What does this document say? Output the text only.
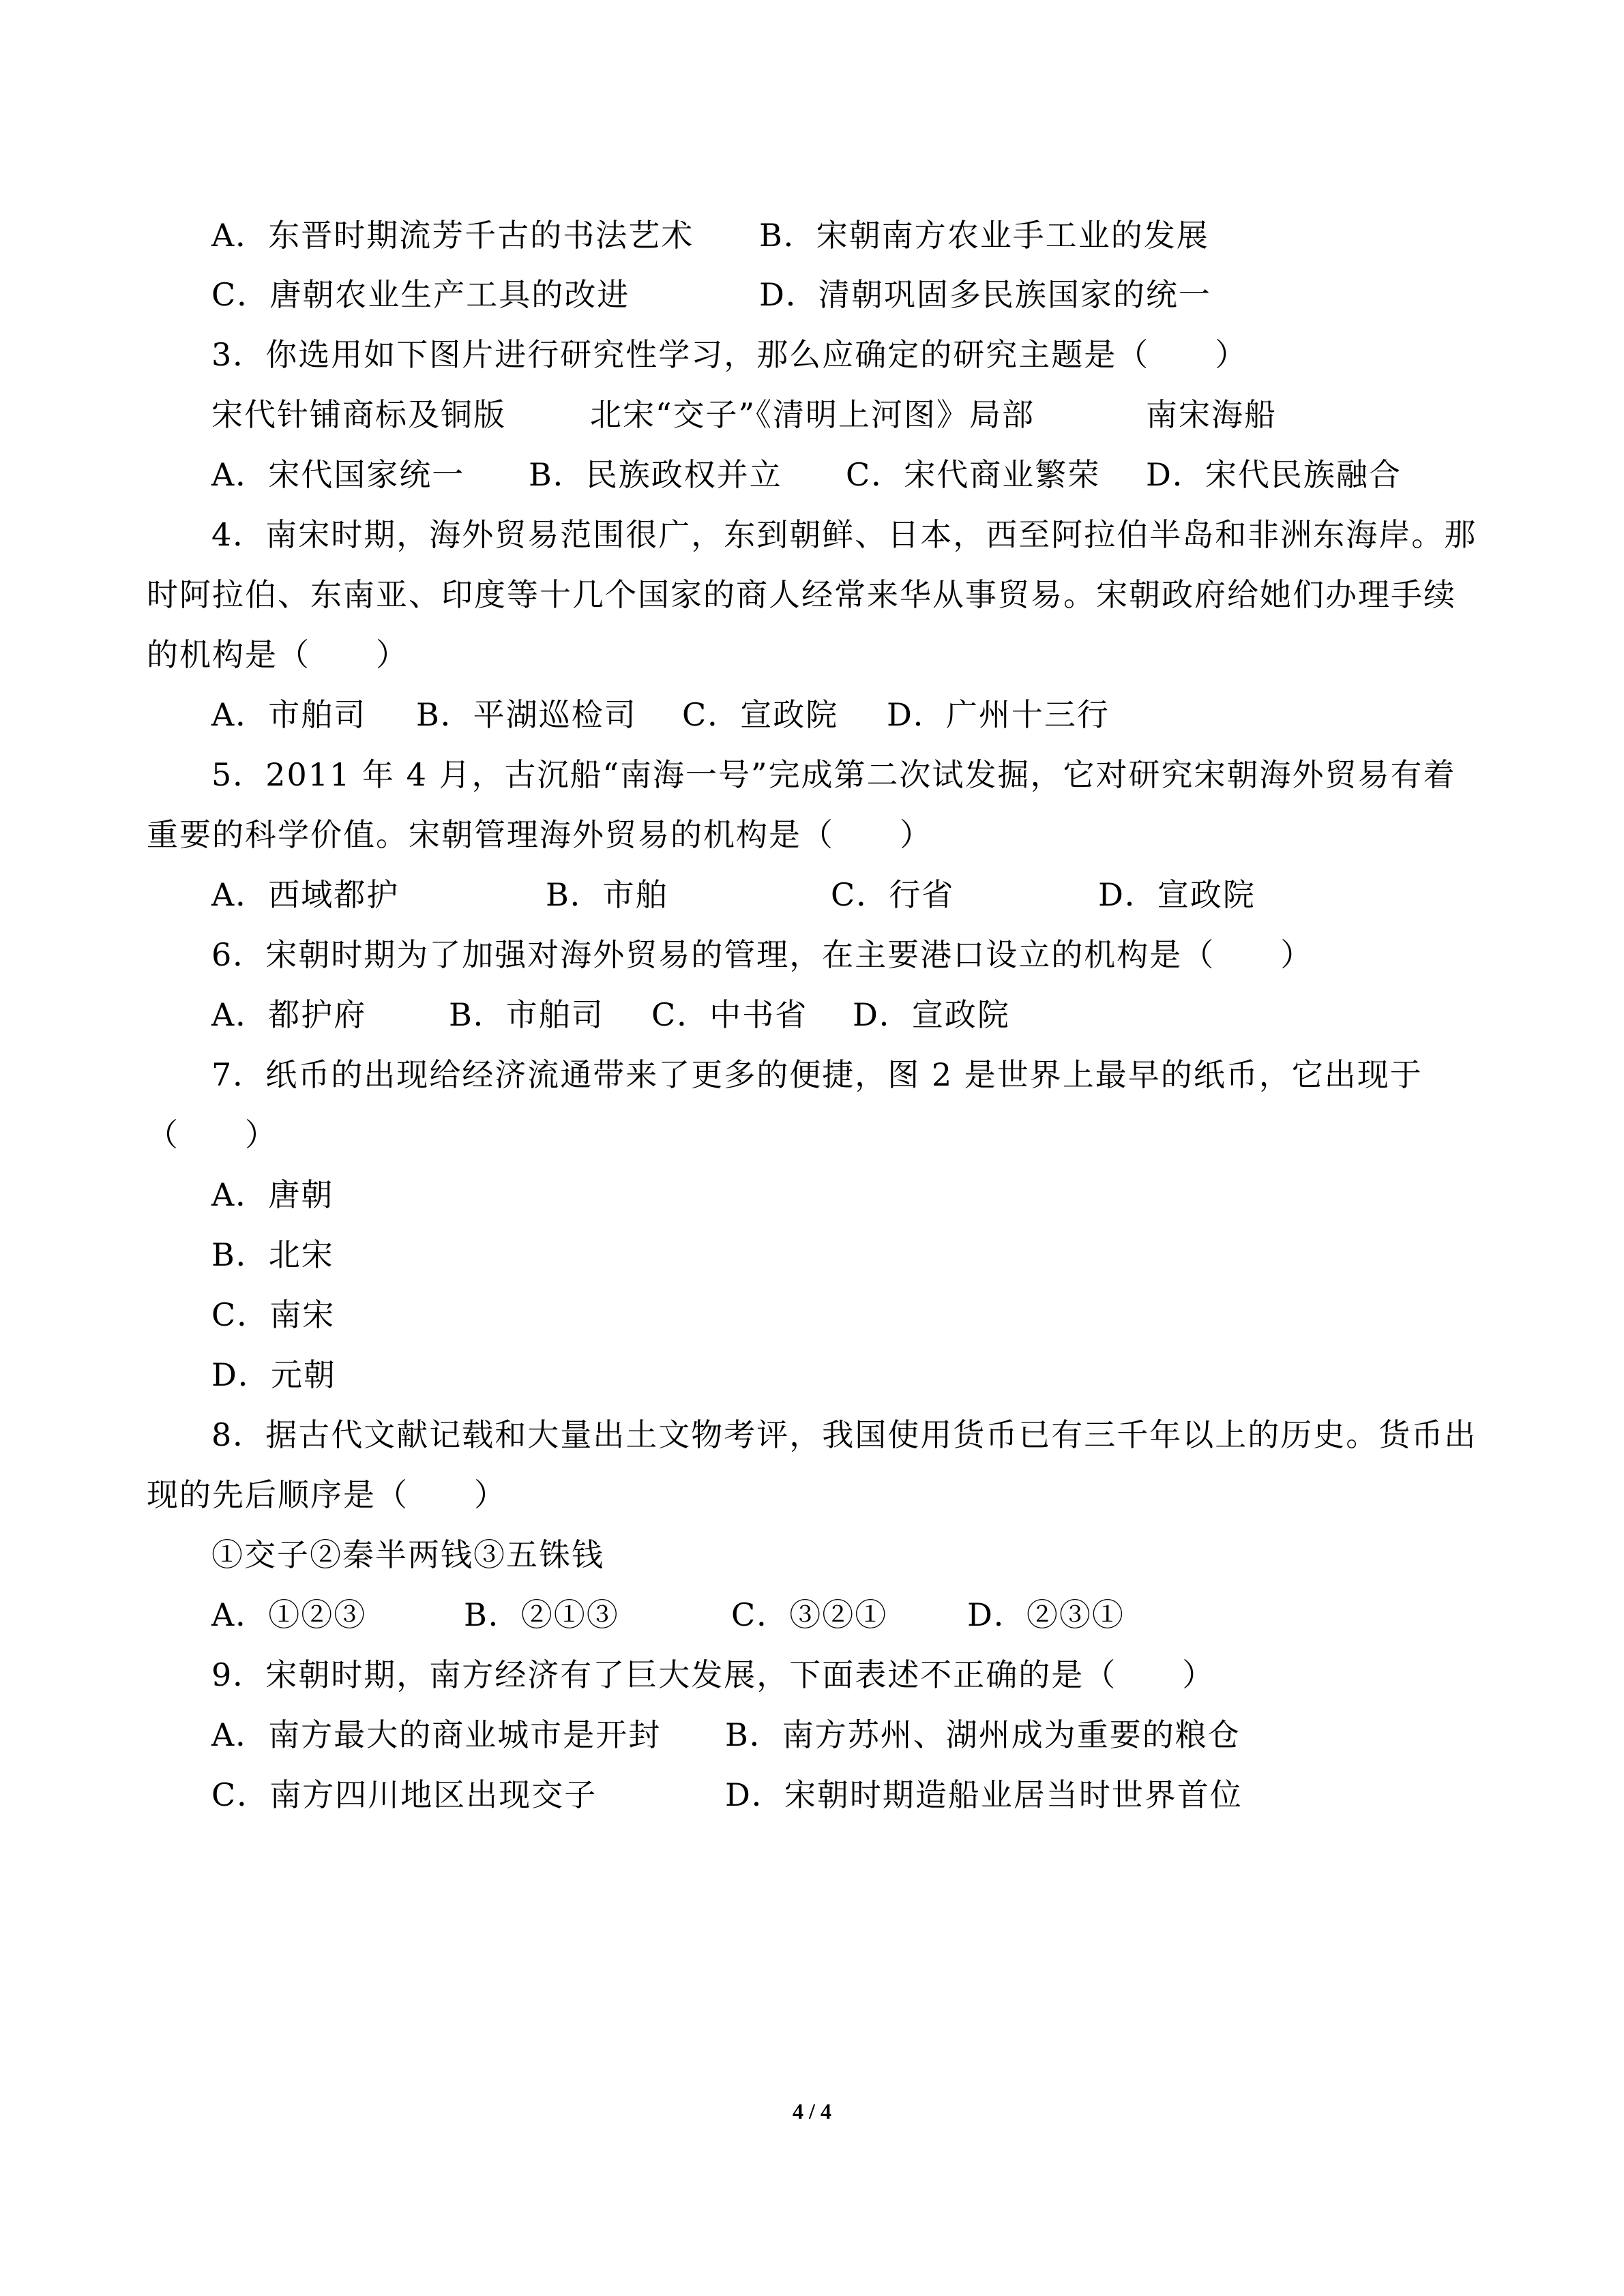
A．东晋时期流芳千古的书法艺术 B．宋朝南方农业手工业的发展
C．唐朝农业生产工具的改进	D．清朝巩固多民族国家的统一
3．你选用如下图片进行研究性学习，那么应确定的研究主题是（　　）
宋代针铺商标及铜版	北宋“交子”《清明上河图》局部	南宋海船
A．宋代国家统一 B．民族政权并立 C．宋代商业繁荣 D．宋代民族融合
4．南宋时期，海外贸易范围很广，东到朝鲜、日本，西至阿拉伯半岛和非洲东海岸。那
时阿拉伯、东南亚、印度等十几个国家的商人经常来华从事贸易。宋朝政府给她们办理手续
的机构是（　　）
A．市舶司 B．平湖巡检司 C．宣政院 D．广州十三行
5．2011 年 4 月，古沉船“南海一号”完成第二次试发掘，它对研究宋朝海外贸易有着
重要的科学价值。宋朝管理海外贸易的机构是（　　）
A．西域都护	B．市舶	C．行省	D．宣政院
6．宋朝时期为了加强对海外贸易的管理，在主要港口设立的机构是（　　）
A．都护府	B．市舶司 C．中书省 D．宣政院
7．纸币的出现给经济流通带来了更多的便捷，图 2 是世界上最早的纸币，它出现于
（　　）
A．唐朝
B．北宋
C．南宋
D．元朝
8．据古代文献记载和大量出土文物考评，我国使用货币已有三千年以上的历史。货币出
现的先后顺序是（　　）
①交子②秦半两钱③五铢钱
A．①②③	B．②①③	C．③②①	D．②③①
9．宋朝时期，南方经济有了巨大发展，下面表述不正确的是（　　）
A．南方最大的商业城市是开封 B．南方苏州、湖州成为重要的粮仓
C．南方四川地区出现交子	D．宋朝时期造船业居当时世界首位
4 / 4
